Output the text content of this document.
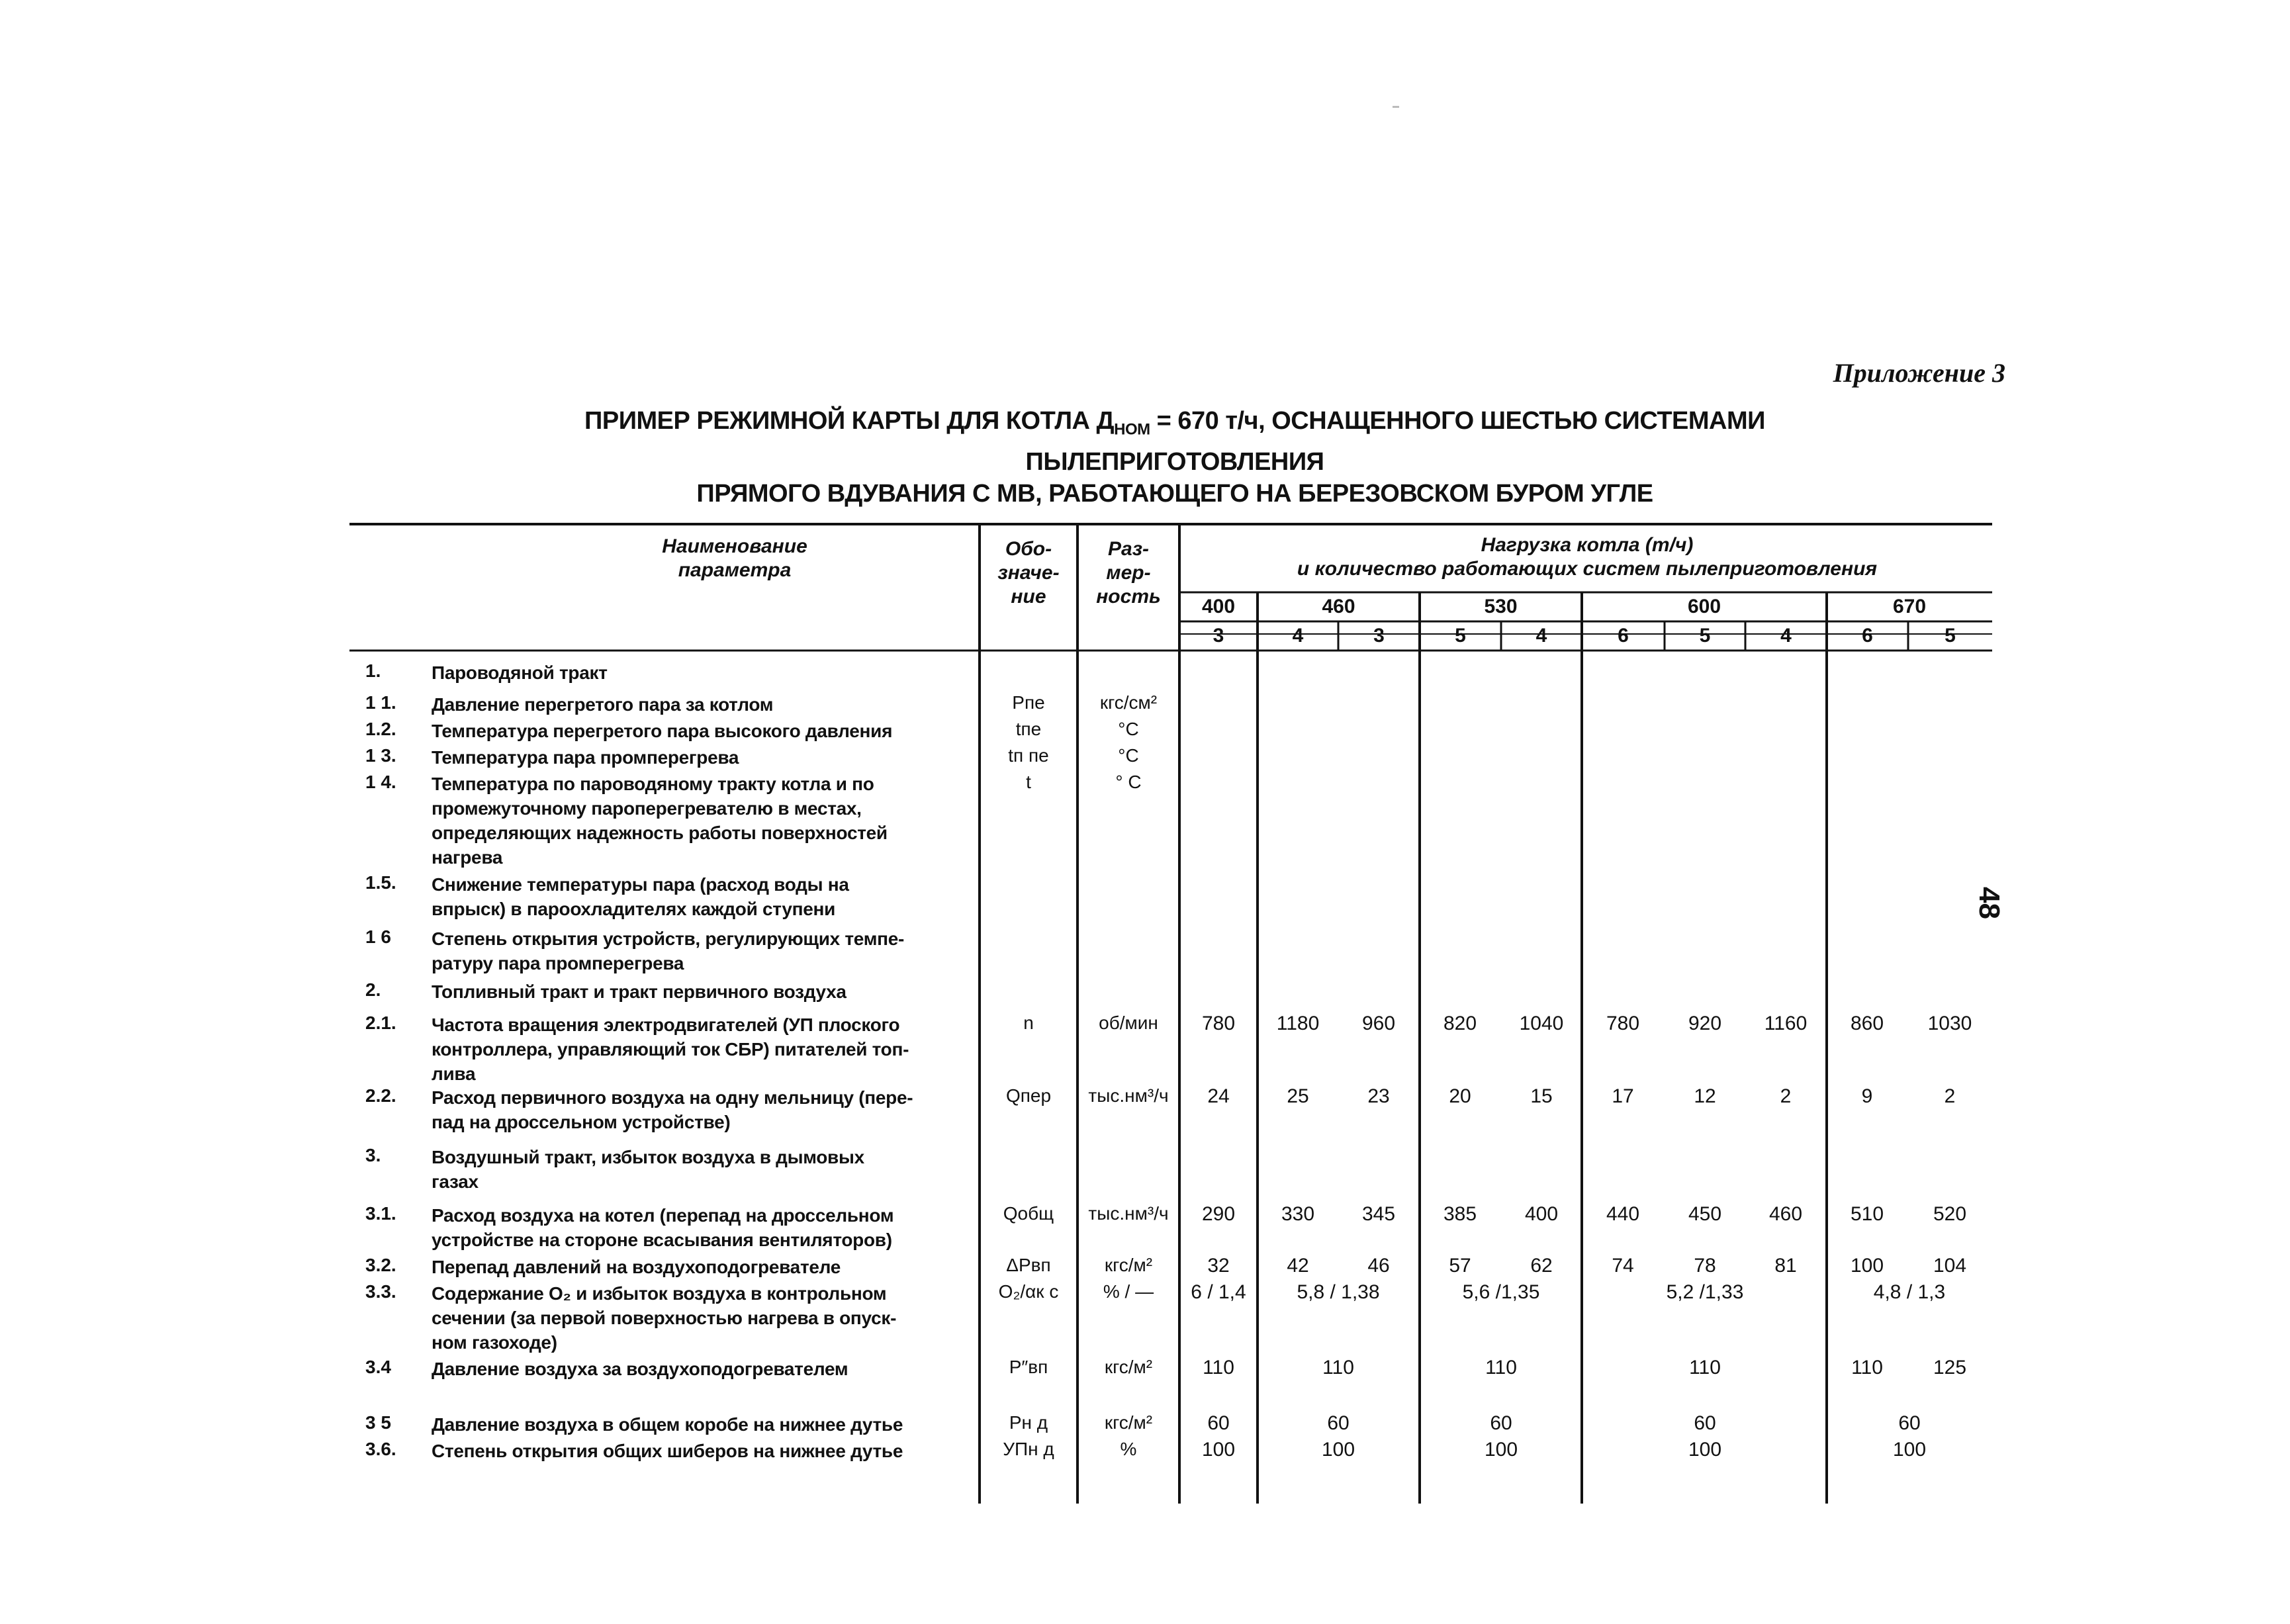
Приложение 3
ПРИМЕР РЕЖИМНОЙ КАРТЫ ДЛЯ КОТЛА $Д_{НОМ} = 670$ т/ч, ОСНАЩЕННОГО ШЕСТЬЮ СИСТЕМАМИ ПЫЛЕПРИГОТОВЛЕНИЯ
ПРЯМОГО ВДУВАНИЯ С МВ, РАБОТАЮЩЕГО НА БЕРЕЗОВСКОМ БУРОМ УГЛЕ
48
Наименование
параметра
Обо-
значе-
ние
Раз-
мер-
ность
Нагрузка котла (т/ч)
и количество работающих систем пылеприготовления
400	460	530	600	670
3	4	3	5	4	6	5	4	6	5
1.	Пароводяной тракт
1 1. Давление перегретого пара за котлом	Pпе	кгс/см²
1.2. Температура перегретого пара высокого давления	tпе	°C
1 3. Температура пара промперегрева	tп пе	°C
1 4. Температура по пароводяному тракту котла и по
промежуточному пароперегревателю в местах,
определяющих надежность работы поверхностей
нагрева
t	° C
1.5. Снижение температуры пара (расход воды на
впрыск) в пароохладителях каждой ступени
1 6 Степень открытия устройств, регулирующих темпе-
ратуру пара промперегрева
2.	Топливный тракт и тракт первичного воздуха
2.1. Частота вращения электродвигателей (УП плоского
контроллера, управляющий ток СБР) питателей топ-
лива
n	об/мин	780 1180 960 820 1040 780 920 1160 860 1030
2.2. Расход первичного воздуха на одну мельницу (пере-
пад на дроссельном устройстве)
Qпер	тыс.нм³/ч	24	25	23	20	15	17	12	2	9	2
3.	Воздушный тракт, избыток воздуха в дымовых
газах
3.1. Расход воздуха на котел (перепад на дроссельном
устройстве на стороне всасывания вентиляторов)
Qобщ	тыс.нм³/ч	290 330 345 385 400 440 450 460 510 520
3.2. Перепад давлений на воздухоподогревателе	ΔPвп	кгс/м²	32	42	46	57	62	74	78	81	100 104
3.3. Содержание O₂ и избыток воздуха в контрольном
сечении (за первой поверхностью нагрева в опуск-
ном газоходе)
O₂/αк с	% / —	6 / 1,4	5,8 / 1,38	5,6 /1,35	5,2 /1,33	4,8 / 1,3
3.4 Давление воздуха за воздухоподогревателем	P″вп	кгс/м²	110	110	110	110	110	125
3 5 Давление воздуха в общем коробе на нижнее дутье	Pн д	кгс/м²	60	60	60	60	60
3.6. Степень открытия общих шиберов на нижнее дутье	УПн д	%	100	100	100	100	100
